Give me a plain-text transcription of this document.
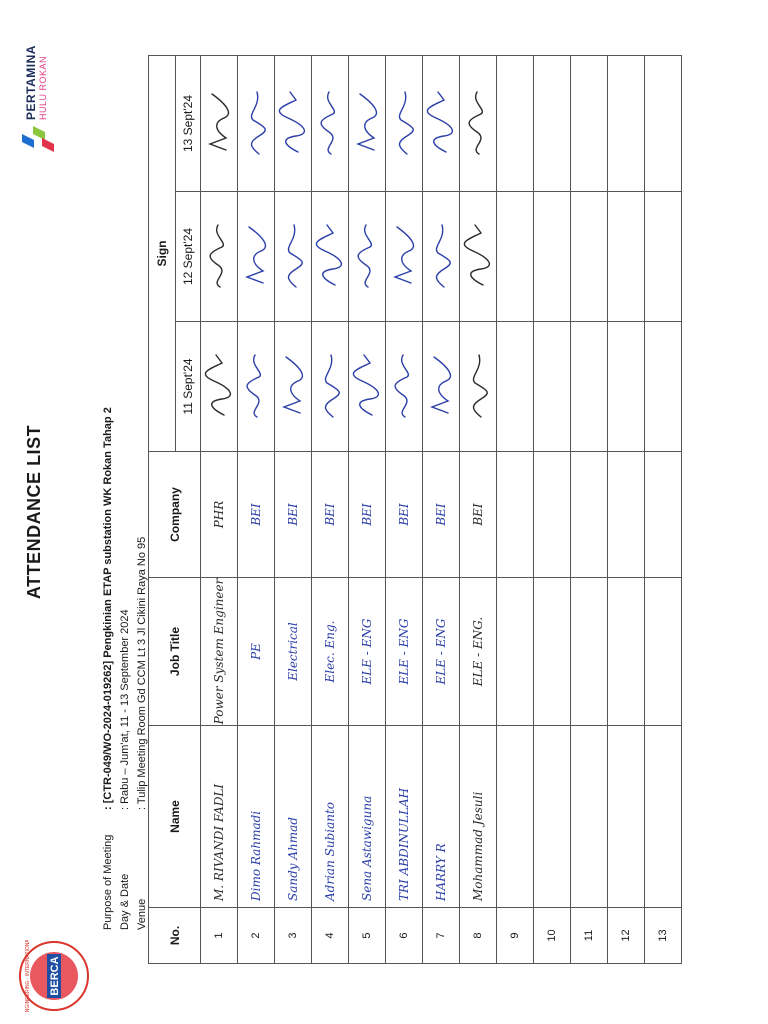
BERCA
ENGINEERING · INTERNATIONAL
ATTENDANCE LIST
PERTAMINA HULU ROKAN
Purpose of Meeting
: [CTR-049/WO-2024-019262] Pengkinian ETAP substation WK Rokan Tahap 2
Day & Date
: Rabu – Jum'at, 11 - 13 September 2024
Venue
: Tulip Meeting Room Gd CCM Lt 3 Jl Cikini Raya No 95
No.	Name	Job Title	Company	Sign		
				11 Sept'24	12 Sept'24	13 Sept'24
1	M. RIVANDI FADLI	Power System Engineer	PHR

2	Dimo Rahmadi	PE	BEI

3	Sandy Ahmad	Electrical	BEI

4	Adrian Subianto	Elec. Eng.	BEI

5	Sena Astawiguna	ELE - ENG	BEI

6	TRI ABDINULLAH	ELE - ENG	BEI

7	HARRY R	ELE - ENG	BEI

8	Mohammad Jesuli	ELE - ENG.	BEI

9	

10	

11	

12	

13	
